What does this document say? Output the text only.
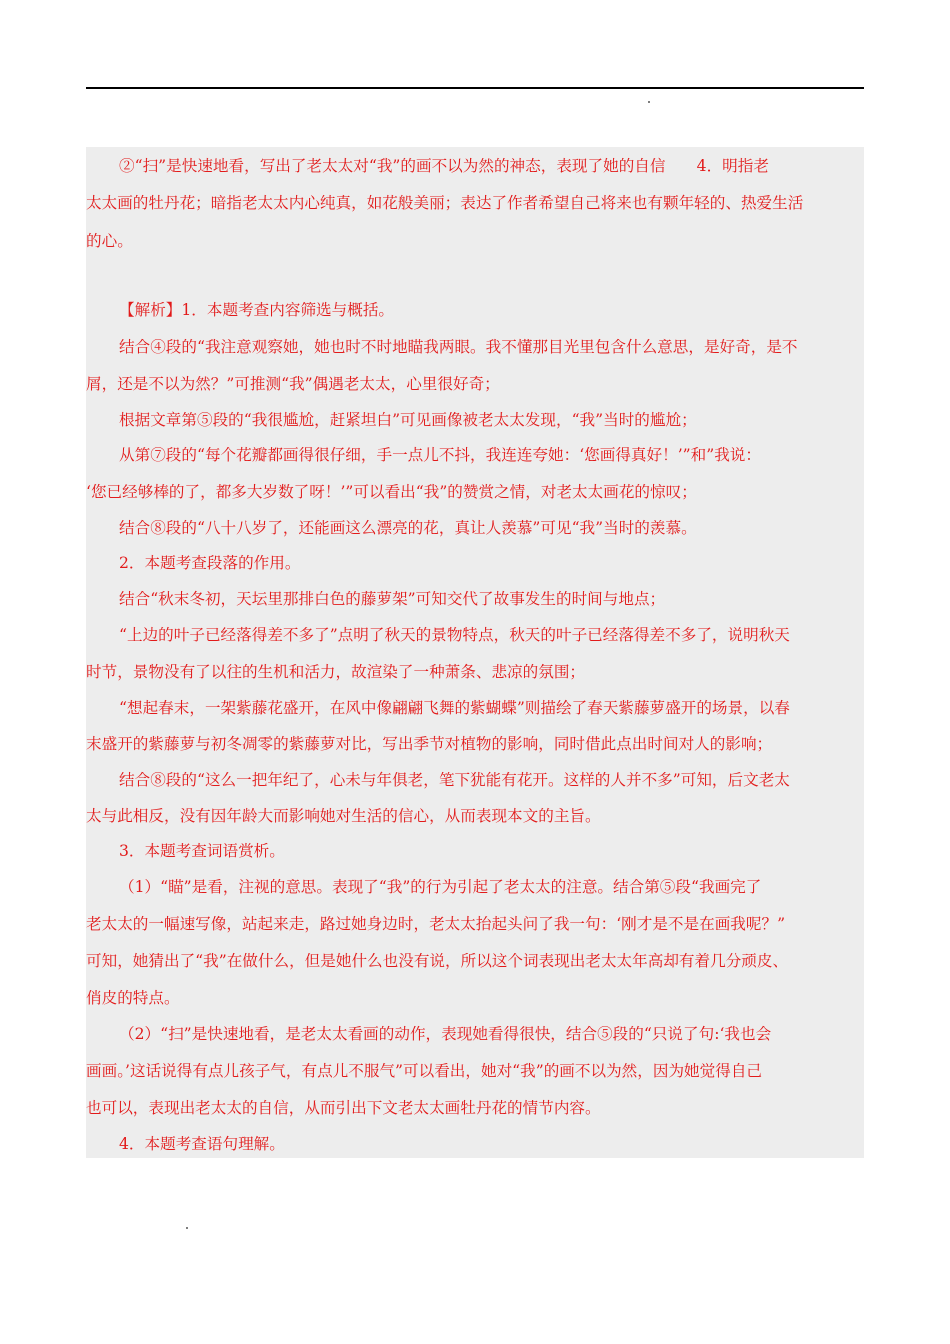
②“扫”是快速地看，写出了老太太对“我”的画不以为然的神态，表现了她的自信　　4．明指老
太太画的牡丹花；暗指老太太内心纯真，如花般美丽；表达了作者希望自己将来也有颗年轻的、热爱生活
的心。
【解析】1．本题考查内容筛选与概括。
结合④段的“我注意观察她，她也时不时地瞄我两眼。我不懂那目光里包含什么意思，是好奇，是不
屑，还是不以为然？”可推测“我”偶遇老太太，心里很好奇；
根据文章第⑤段的“我很尴尬，赶紧坦白”可见画像被老太太发现，“我”当时的尴尬；
从第⑦段的“每个花瓣都画得很仔细，手一点儿不抖，我连连夸她：‘您画得真好！’”和”我说：
‘您已经够棒的了，都多大岁数了呀！’”可以看出“我”的赞赏之情，对老太太画花的惊叹；
结合⑧段的“八十八岁了，还能画这么漂亮的花，真让人羡慕”可见“我”当时的羡慕。
2．本题考查段落的作用。
结合“秋末冬初，天坛里那排白色的藤萝架”可知交代了故事发生的时间与地点；
“上边的叶子已经落得差不多了”点明了秋天的景物特点，秋天的叶子已经落得差不多了，说明秋天
时节，景物没有了以往的生机和活力，故渲染了一种萧条、悲凉的氛围；
“想起春末，一架紫藤花盛开，在风中像翩翩飞舞的紫蝴蝶”则描绘了春天紫藤萝盛开的场景，以春
末盛开的紫藤萝与初冬凋零的紫藤萝对比，写出季节对植物的影响，同时借此点出时间对人的影响；
结合⑧段的“这么一把年纪了，心未与年俱老，笔下犹能有花开。这样的人并不多”可知，后文老太
太与此相反，没有因年龄大而影响她对生活的信心，从而表现本文的主旨。
3．本题考查词语赏析。
（1）“瞄”是看，注视的意思。表现了“我”的行为引起了老太太的注意。结合第⑤段“我画完了
老太太的一幅速写像，站起来走，路过她身边时，老太太抬起头问了我一句：‘刚才是不是在画我呢？”
可知，她猜出了“我”在做什么，但是她什么也没有说，所以这个词表现出老太太年高却有着几分顽皮、
俏皮的特点。
（2）“扫”是快速地看，是老太太看画的动作，表现她看得很快，结合⑤段的“只说了句:‘我也会
画画。’这话说得有点儿孩子气，有点儿不服气”可以看出，她对“我”的画不以为然，因为她觉得自己
也可以，表现出老太太的自信，从而引出下文老太太画牡丹花的情节内容。
4．本题考查语句理解。
